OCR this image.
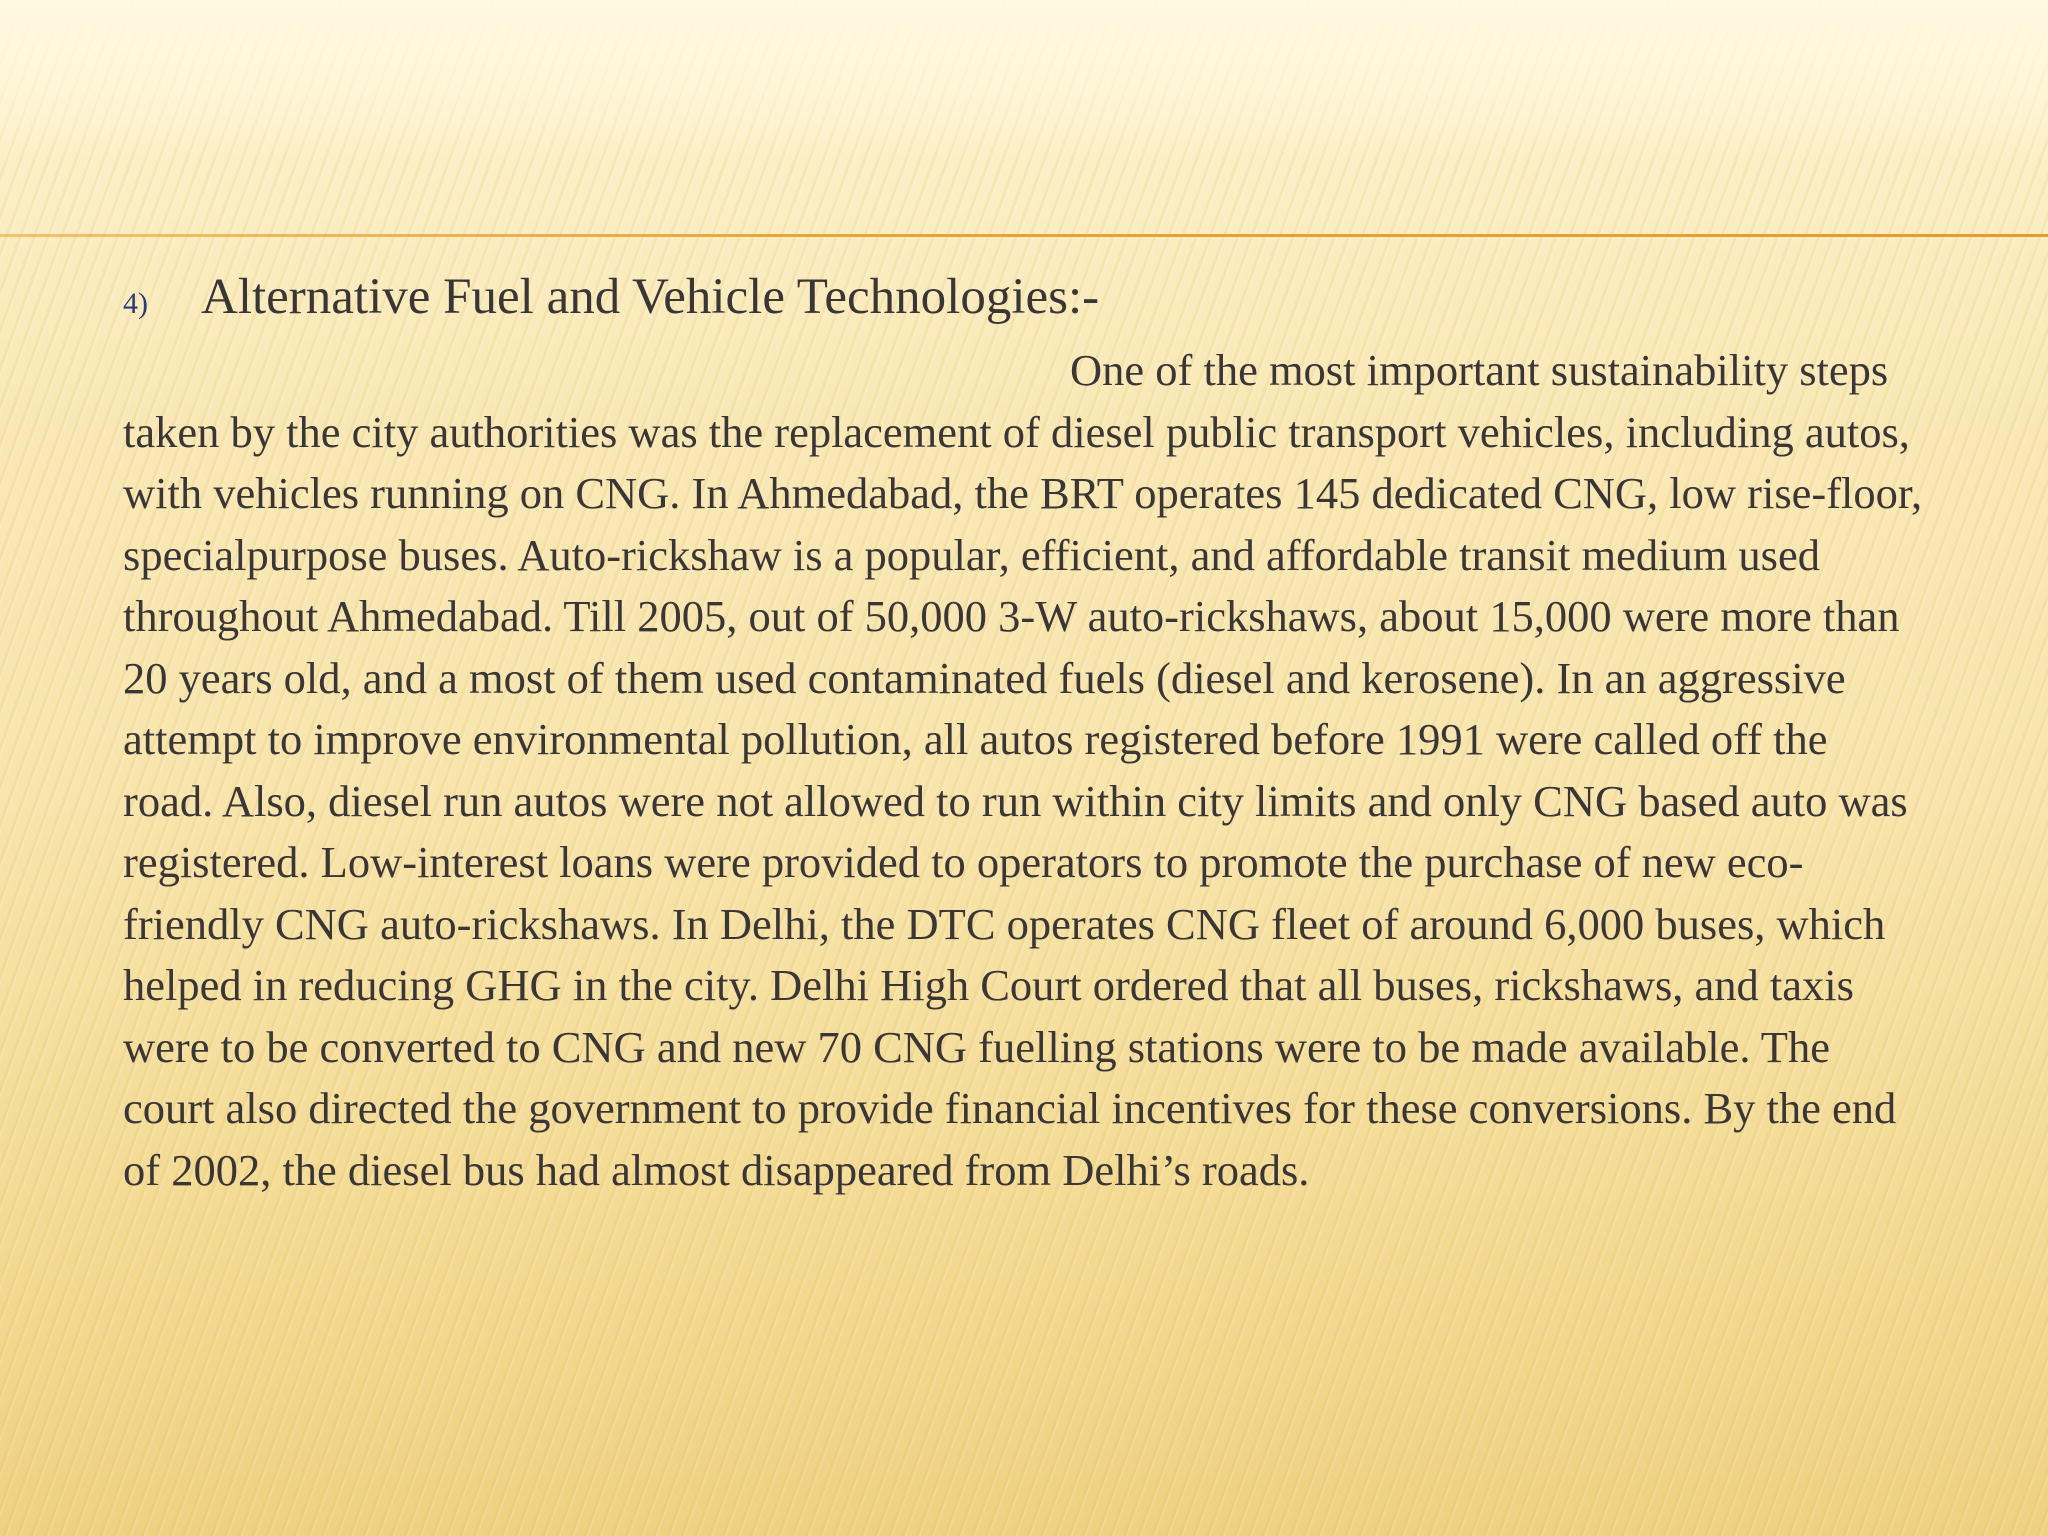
4)	Alternative Fuel and Vehicle Technologies:-

One of the most important sustainability steps taken by the city authorities was the replacement of diesel public transport vehicles, including autos, with vehicles running on CNG. In Ahmedabad, the BRT operates 145 dedicated CNG, low rise-floor, specialpurpose buses. Auto-rickshaw is a popular, efficient, and affordable transit medium used throughout Ahmedabad. Till 2005, out of 50,000 3-W auto-rickshaws, about 15,000 were more than 20 years old, and a most of them used contaminated fuels (diesel and kerosene). In an aggressive attempt to improve environmental pollution, all autos registered before 1991 were called off the road. Also, diesel run autos were not allowed to run within city limits and only CNG based auto was registered. Low-interest loans were provided to operators to promote the purchase of new eco-friendly CNG auto-rickshaws. In Delhi, the DTC operates CNG fleet of around 6,000 buses, which helped in reducing GHG in the city. Delhi High Court ordered that all buses, rickshaws, and taxis were to be converted to CNG and new 70 CNG fuelling stations were to be made available. The court also directed the government to provide financial incentives for these conversions. By the end of 2002, the diesel bus had almost disappeared from Delhi’s roads.
